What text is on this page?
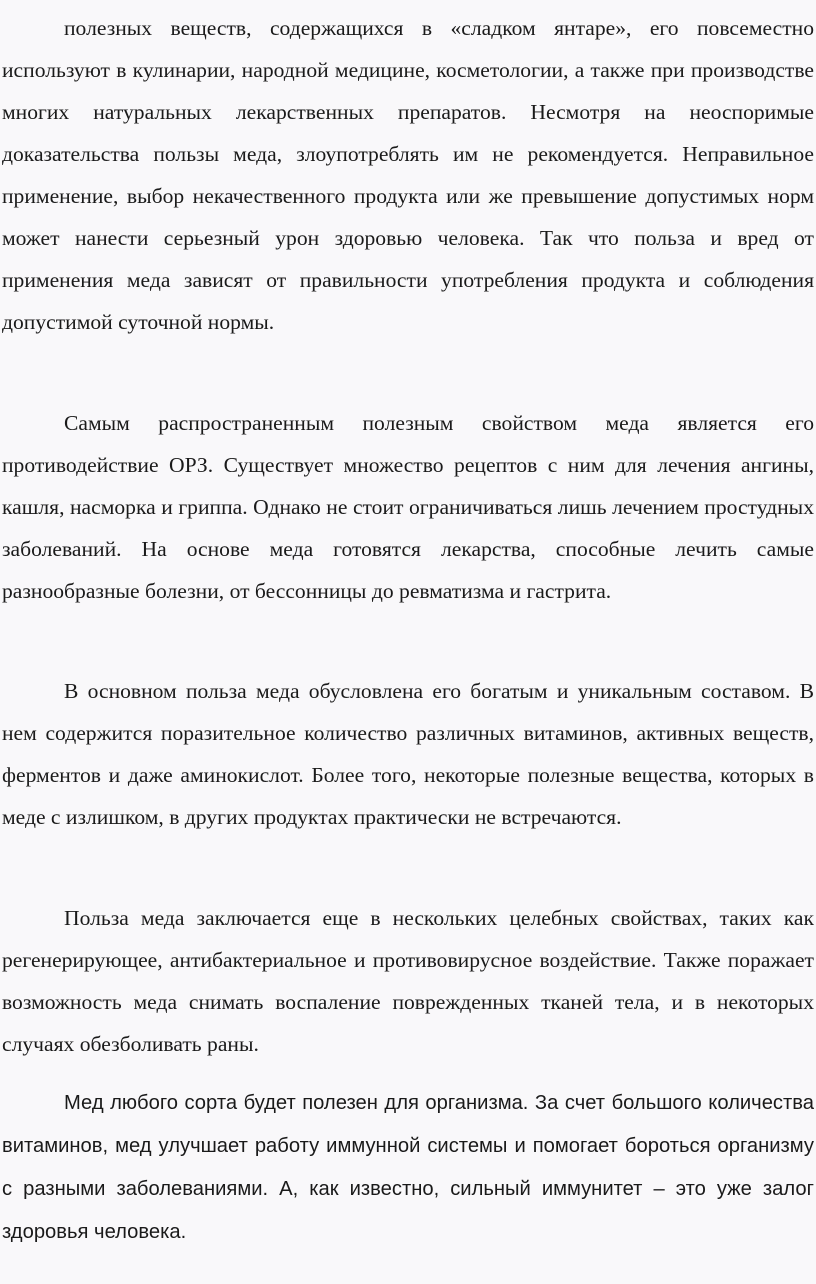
полезных веществ, содержащихся в «сладком янтаре», его повсеместно используют в кулинарии, народной медицине, косметологии, а также при производстве многих натуральных лекарственных препаратов. Несмотря на неоспоримые доказательства пользы меда, злоупотреблять им не рекомендуется. Неправильное применение, выбор некачественного продукта или же превышение допустимых норм может нанести серьезный урон здоровью человека. Так что польза и вред от применения меда зависят от правильности употребления продукта и соблюдения допустимой суточной нормы.

Самым распространенным полезным свойством меда является его противодействие ОРЗ. Существует множество рецептов с ним для лечения ангины, кашля, насморка и гриппа. Однако не стоит ограничиваться лишь лечением простудных заболеваний. На основе меда готовятся лекарства, способные лечить самые разнообразные болезни, от бессонницы до ревматизма и гастрита.

В основном польза меда обусловлена его богатым и уникальным составом. В нем содержится поразительное количество различных витаминов, активных веществ, ферментов и даже аминокислот. Более того, некоторые полезные вещества, которых в меде с излишком, в других продуктах практически не встречаются.

Польза меда заключается еще в нескольких целебных свойствах, таких как регенерирующее, антибактериальное и противовирусное воздействие. Также поражает возможность меда снимать воспаление поврежденных тканей тела, и в некоторых случаях обезболивать раны.

Мед любого сорта будет полезен для организма. За счет большого количества витаминов, мед улучшает работу иммунной системы и помогает бороться организму с разными заболеваниями. А, как известно, сильный иммунитет – это уже залог здоровья человека.
